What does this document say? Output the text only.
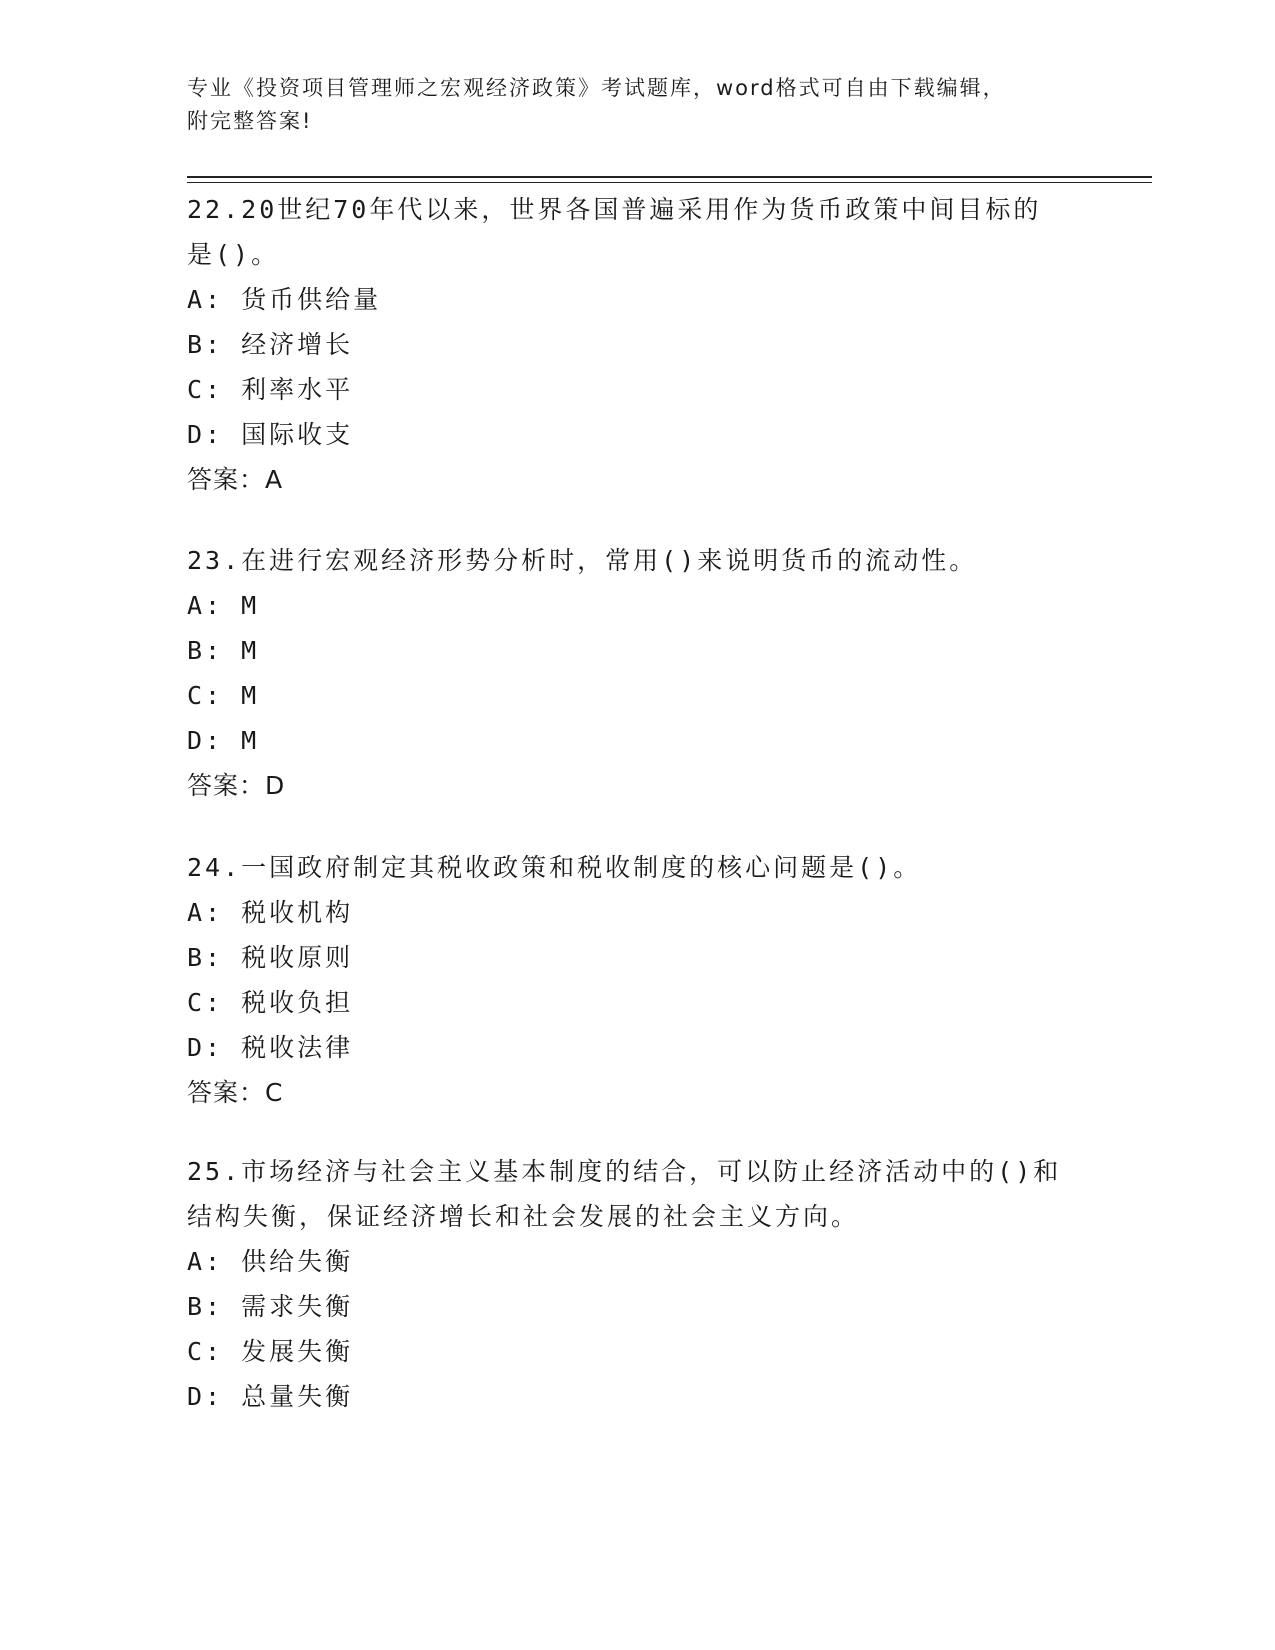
专业《投资项目管理师之宏观经济政策》考试题库，word格式可自由下载编辑，
附完整答案!

22.20世纪70年代以来，世界各国普遍采用作为货币政策中间目标的

是()。

A: 货币供给量

B: 经济增长

C: 利率水平

D: 国际收支

答案：A

23.在进行宏观经济形势分析时，常用()来说明货币的流动性。

A: M

B: M

C: M

D: M

答案：D

24.一国政府制定其税收政策和税收制度的核心问题是()。

A: 税收机构

B: 税收原则

C: 税收负担

D: 税收法律

答案：C

25.市场经济与社会主义基本制度的结合，可以防止经济活动中的()和

结构失衡，保证经济增长和社会发展的社会主义方向。

A: 供给失衡

B: 需求失衡

C: 发展失衡

D: 总量失衡
